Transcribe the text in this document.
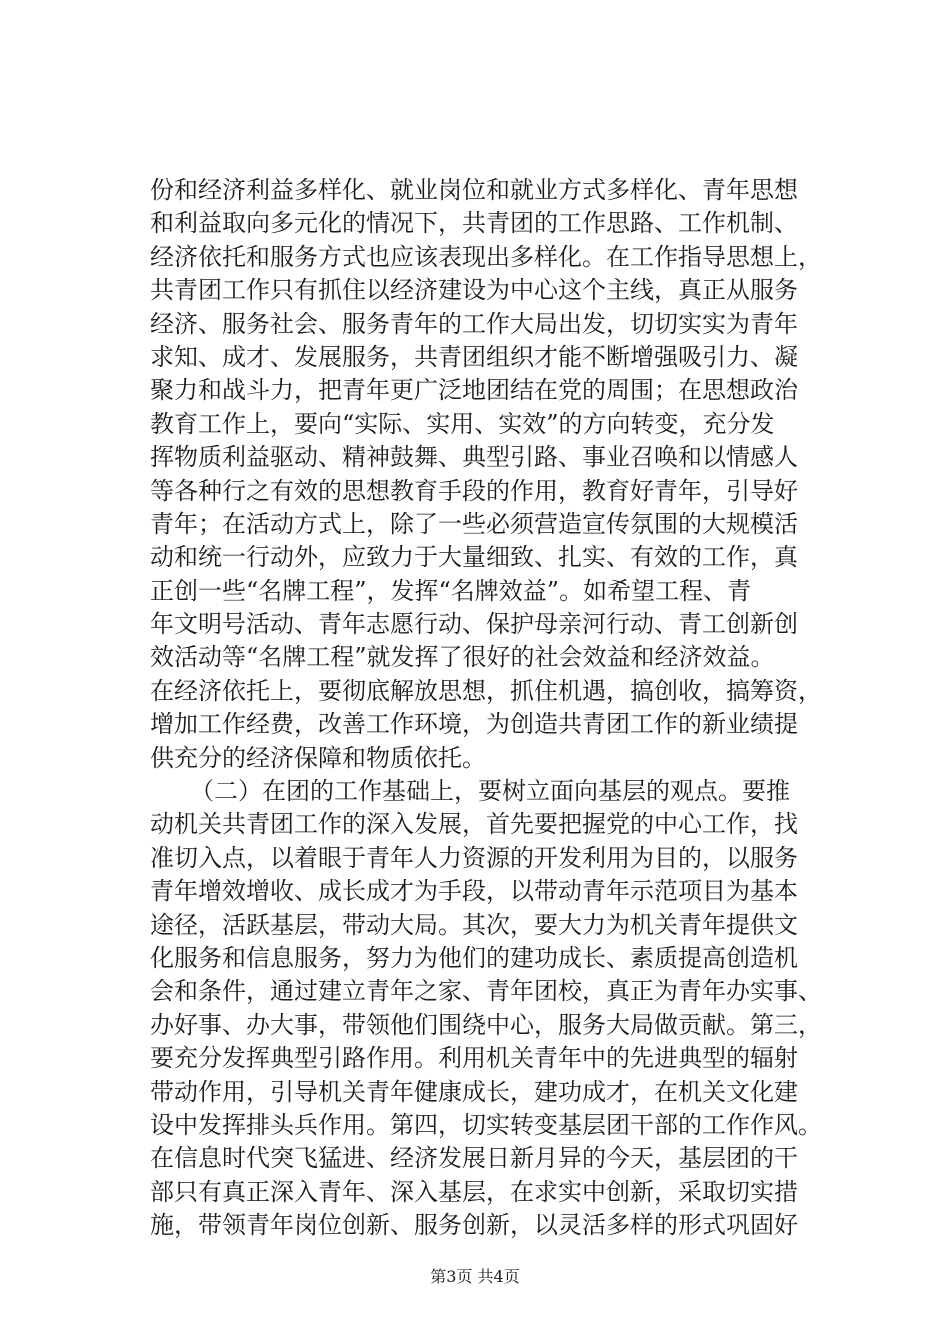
份和经济利益多样化、就业岗位和就业方式多样化、青年思想
和利益取向多元化的情况下，共青团的工作思路、工作机制、
经济依托和服务方式也应该表现出多样化。在工作指导思想上，
共青团工作只有抓住以经济建设为中心这个主线，真正从服务
经济、服务社会、服务青年的工作大局出发，切切实实为青年
求知、成才、发展服务，共青团组织才能不断增强吸引力、凝
聚力和战斗力，把青年更广泛地团结在党的周围；在思想政治
教育工作上，要向“实际、实用、实效”的方向转变，充分发
挥物质利益驱动、精神鼓舞、典型引路、事业召唤和以情感人
等各种行之有效的思想教育手段的作用，教育好青年，引导好
青年；在活动方式上，除了一些必须营造宣传氛围的大规模活
动和统一行动外，应致力于大量细致、扎实、有效的工作，真
正创一些“名牌工程”，发挥“名牌效益”。如希望工程、青
年文明号活动、青年志愿行动、保护母亲河行动、青工创新创
效活动等“名牌工程”就发挥了很好的社会效益和经济效益。
在经济依托上，要彻底解放思想，抓住机遇，搞创收，搞筹资，
增加工作经费，改善工作环境，为创造共青团工作的新业绩提
供充分的经济保障和物质依托。
（二）在团的工作基础上，要树立面向基层的观点。要推
动机关共青团工作的深入发展，首先要把握党的中心工作，找
准切入点，以着眼于青年人力资源的开发利用为目的，以服务
青年增效增收、成长成才为手段，以带动青年示范项目为基本
途径，活跃基层，带动大局。其次，要大力为机关青年提供文
化服务和信息服务，努力为他们的建功成长、素质提高创造机
会和条件，通过建立青年之家、青年团校，真正为青年办实事、
办好事、办大事，带领他们围绕中心，服务大局做贡献。第三，
要充分发挥典型引路作用。利用机关青年中的先进典型的辐射
带动作用，引导机关青年健康成长，建功成才，在机关文化建
设中发挥排头兵作用。第四，切实转变基层团干部的工作作风。
在信息时代突飞猛进、经济发展日新月异的今天，基层团的干
部只有真正深入青年、深入基层，在求实中创新，采取切实措
施，带领青年岗位创新、服务创新，以灵活多样的形式巩固好
第3页 共4页
